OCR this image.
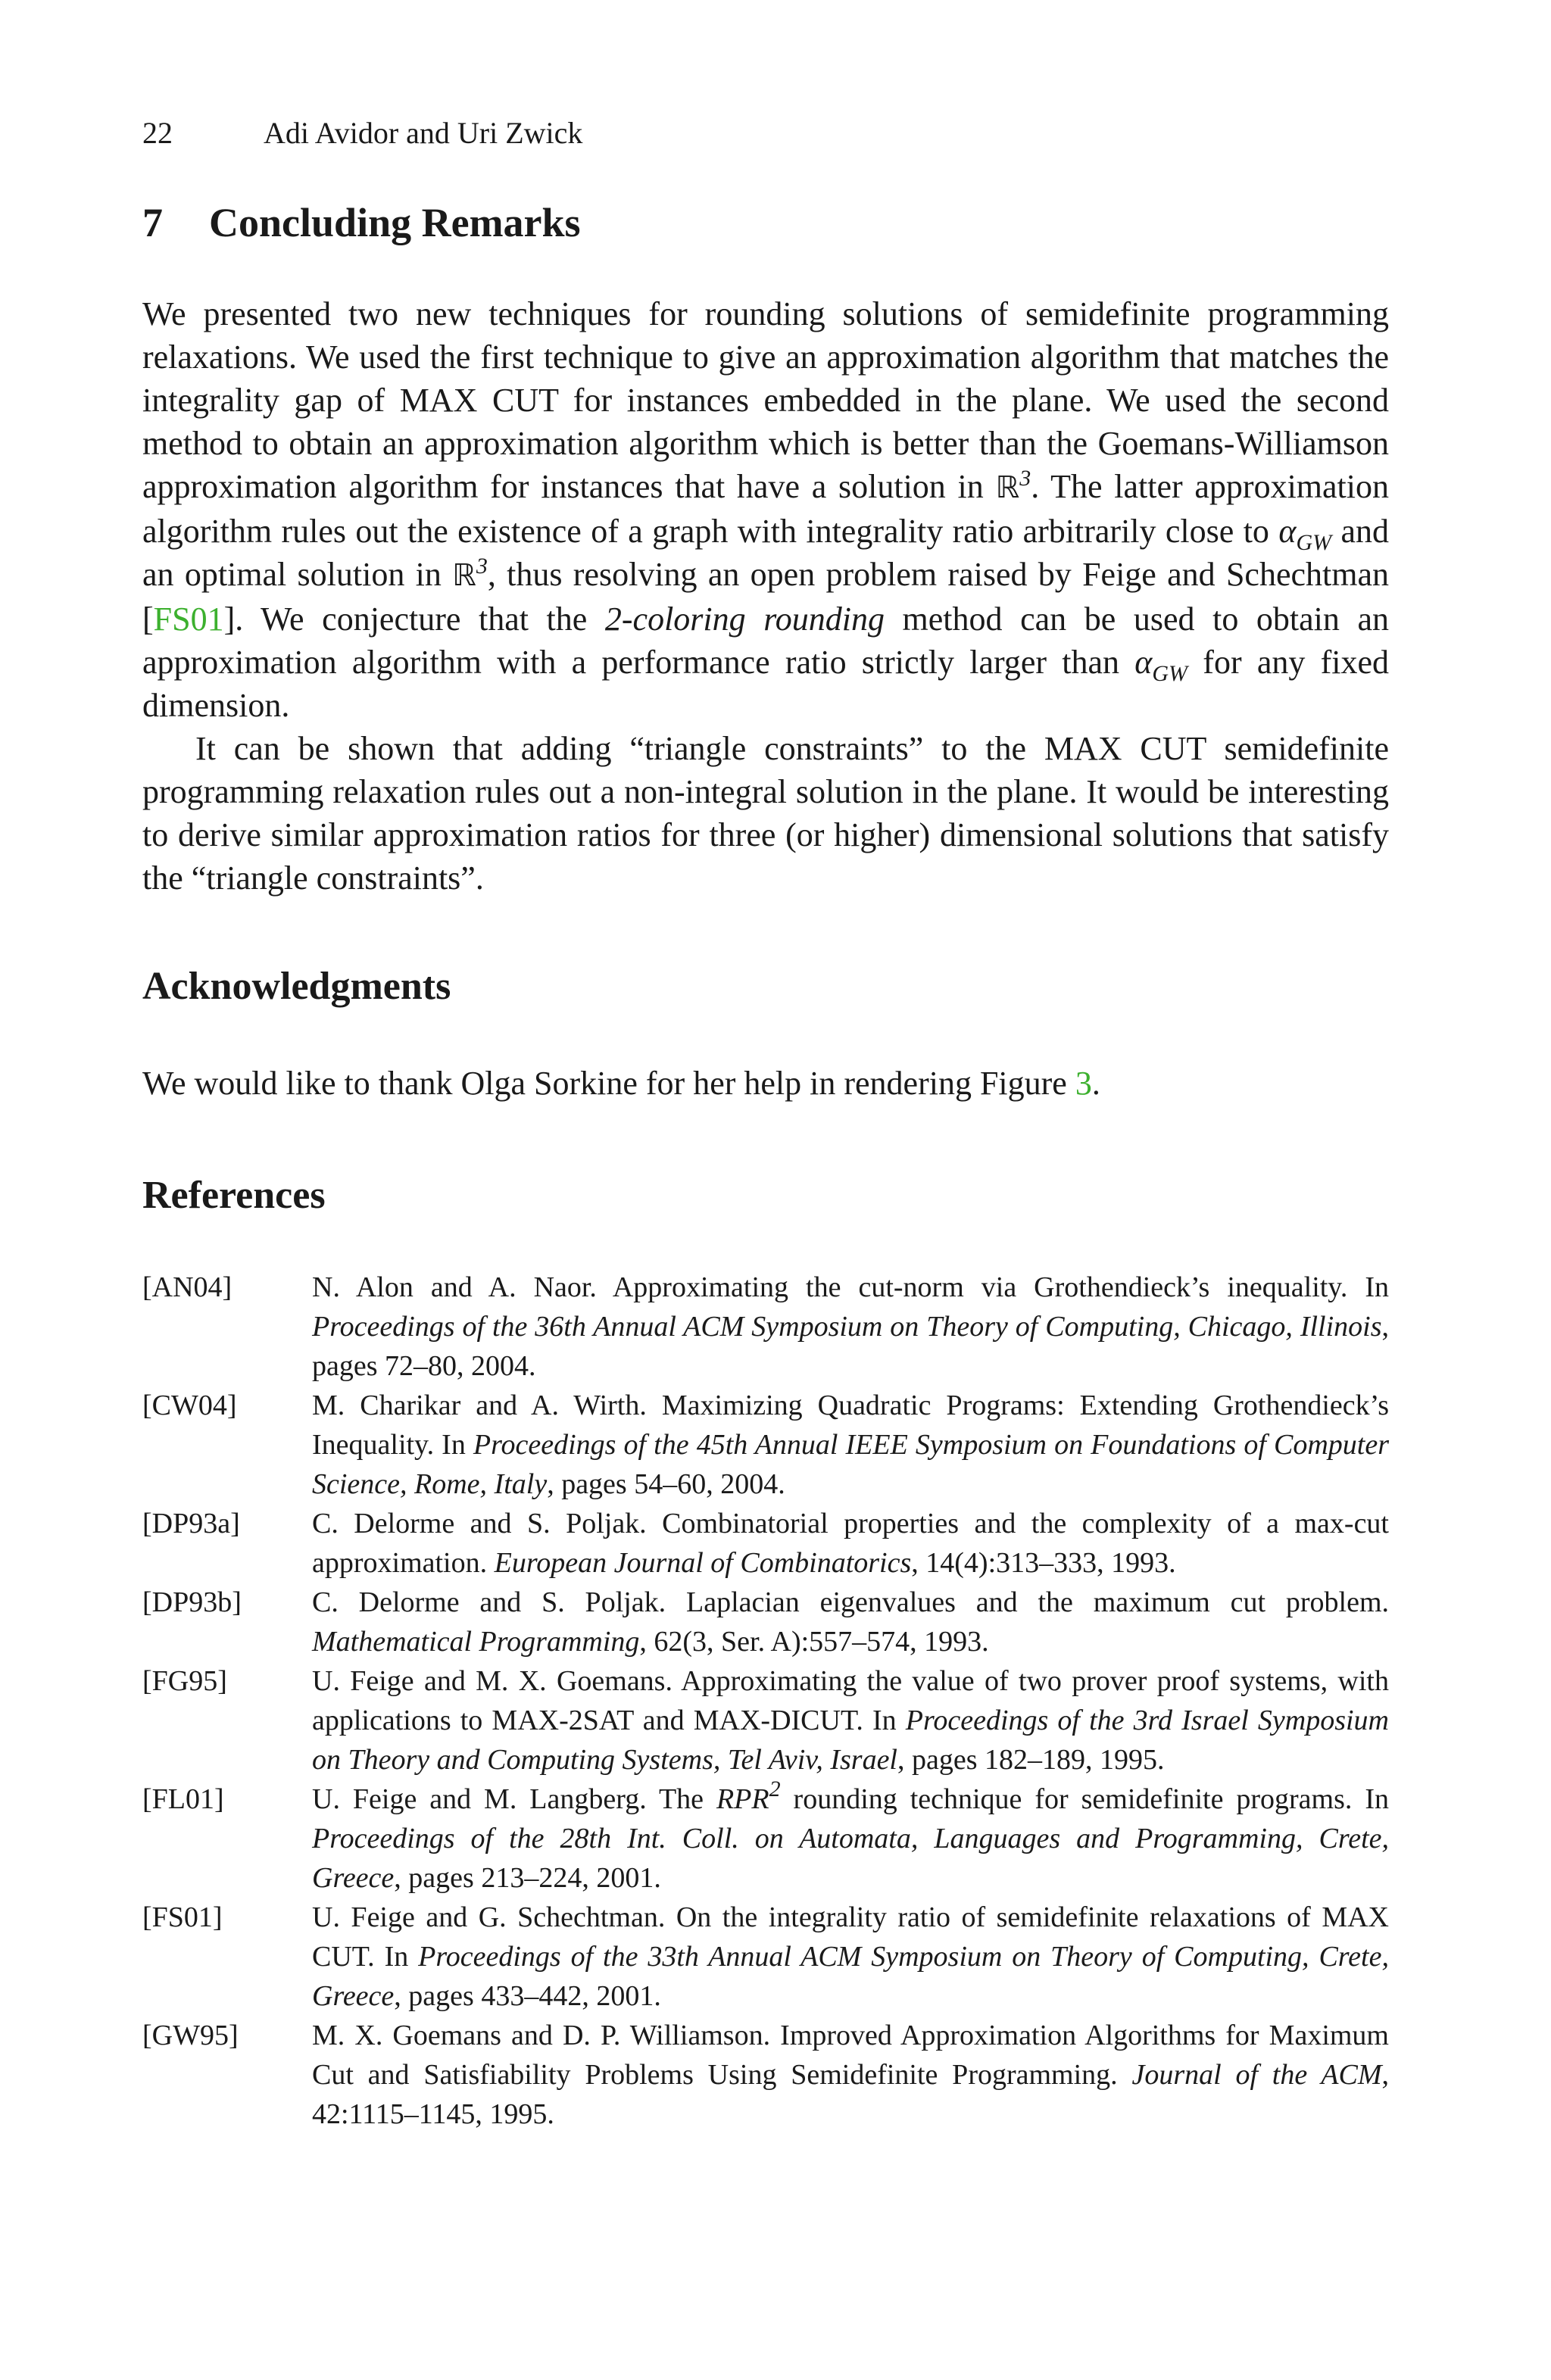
22	Adi Avidor and Uri Zwick
7 Concluding Remarks

We presented two new techniques for rounding solutions of semidefinite programming relaxations. We used the first technique to give an approximation algorithm that matches the integrality gap of MAX CUT for instances embedded in the plane. We used the second method to obtain an approximation algorithm which is better than the Goemans-Williamson approximation algorithm for instances that have a solution in ℝ$^3$. The latter approximation algorithm rules out the existence of a graph with integrality ratio arbitrarily close to $\alpha_{GW}$ and an optimal solution in ℝ$^3$, thus resolving an open problem raised by Feige and Schechtman [FS01]. We conjecture that the 2-coloring rounding method can be used to obtain an approximation algorithm with a performance ratio strictly larger than $\alpha_{GW}$ for any fixed dimension.

It can be shown that adding “triangle constraints” to the MAX CUT semidefinite programming relaxation rules out a non-integral solution in the plane. It would be interesting to derive similar approximation ratios for three (or higher) dimensional solutions that satisfy the “triangle constraints”.

Acknowledgments

We would like to thank Olga Sorkine for her help in rendering Figure 3.

References
[AN04]	N. Alon and A. Naor. Approximating the cut-norm via Grothendieck’s inequality. In Proceedings of the 36th Annual ACM Symposium on Theory of Computing, Chicago, Illinois, pages 72–80, 2004.
[CW04]	M. Charikar and A. Wirth. Maximizing Quadratic Programs: Extending Grothendieck’s Inequality. In Proceedings of the 45th Annual IEEE Symposium on Foundations of Computer Science, Rome, Italy, pages 54–60, 2004.
[DP93a]	C. Delorme and S. Poljak. Combinatorial properties and the complexity of a max-cut approximation. European Journal of Combinatorics, 14(4):313–333, 1993.
[DP93b]	C. Delorme and S. Poljak. Laplacian eigenvalues and the maximum cut problem. Mathematical Programming, 62(3, Ser. A):557–574, 1993.
[FG95]	U. Feige and M. X. Goemans. Approximating the value of two prover proof systems, with applications to MAX-2SAT and MAX-DICUT. In Proceedings of the 3rd Israel Symposium on Theory and Computing Systems, Tel Aviv, Israel, pages 182–189, 1995.
[FL01]	U. Feige and M. Langberg. The RPR$^2$ rounding technique for semidefinite programs. In Proceedings of the 28th Int. Coll. on Automata, Languages and Programming, Crete, Greece, pages 213–224, 2001.
[FS01]	U. Feige and G. Schechtman. On the integrality ratio of semidefinite relaxations of MAX CUT. In Proceedings of the 33th Annual ACM Symposium on Theory of Computing, Crete, Greece, pages 433–442, 2001.
[GW95]	M. X. Goemans and D. P. Williamson. Improved Approximation Algorithms for Maximum Cut and Satisfiability Problems Using Semidefinite Programming. Journal of the ACM, 42:1115–1145, 1995.
